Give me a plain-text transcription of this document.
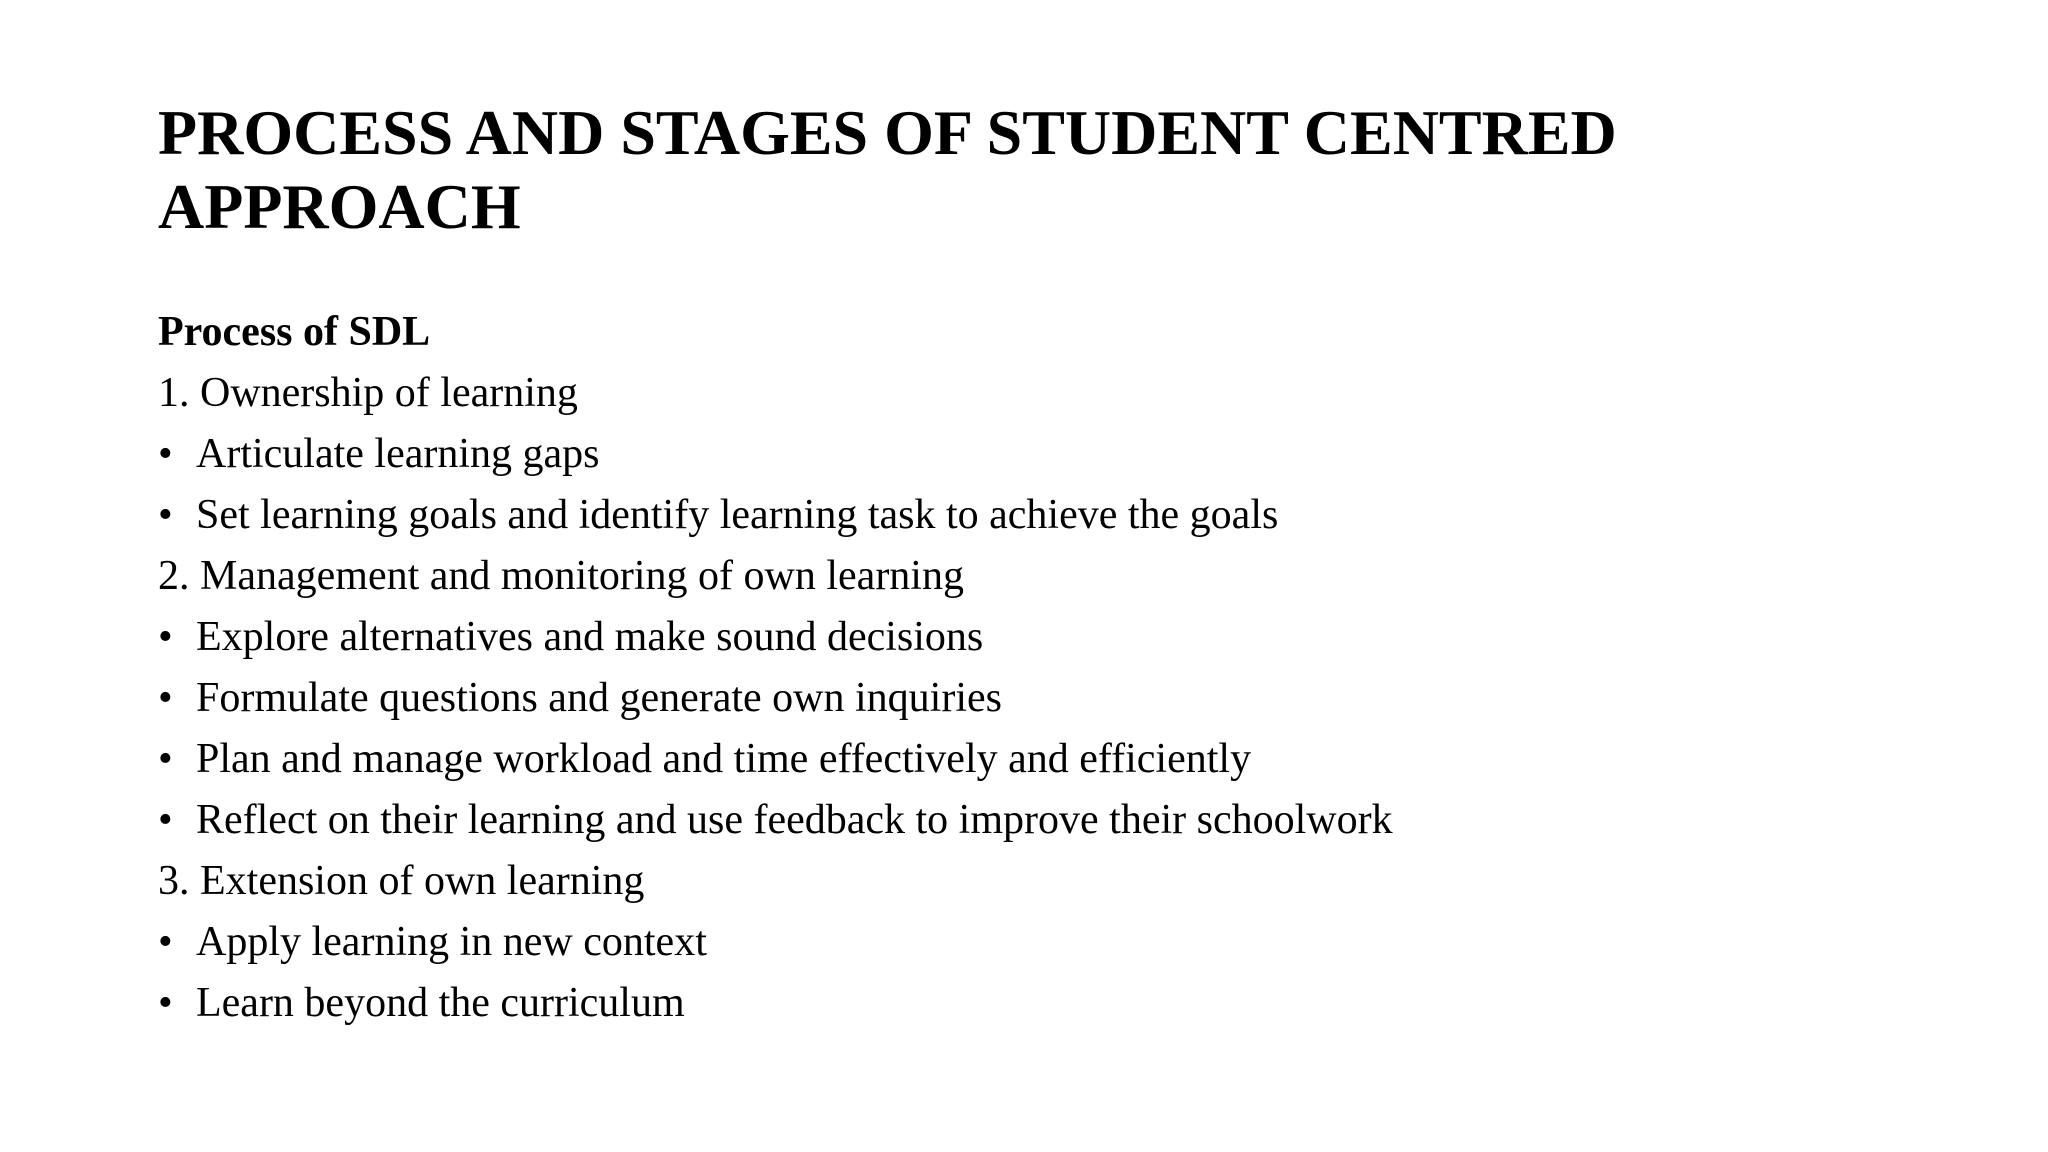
PROCESS AND STAGES OF STUDENT CENTRED
APPROACH
Process of SDL
1. Ownership of learning
• Articulate learning gaps
• Set learning goals and identify learning task to achieve the goals
2. Management and monitoring of own learning
• Explore alternatives and make sound decisions
• Formulate questions and generate own inquiries
• Plan and manage workload and time effectively and efficiently
• Reflect on their learning and use feedback to improve their schoolwork
3. Extension of own learning
• Apply learning in new context
• Learn beyond the curriculum
